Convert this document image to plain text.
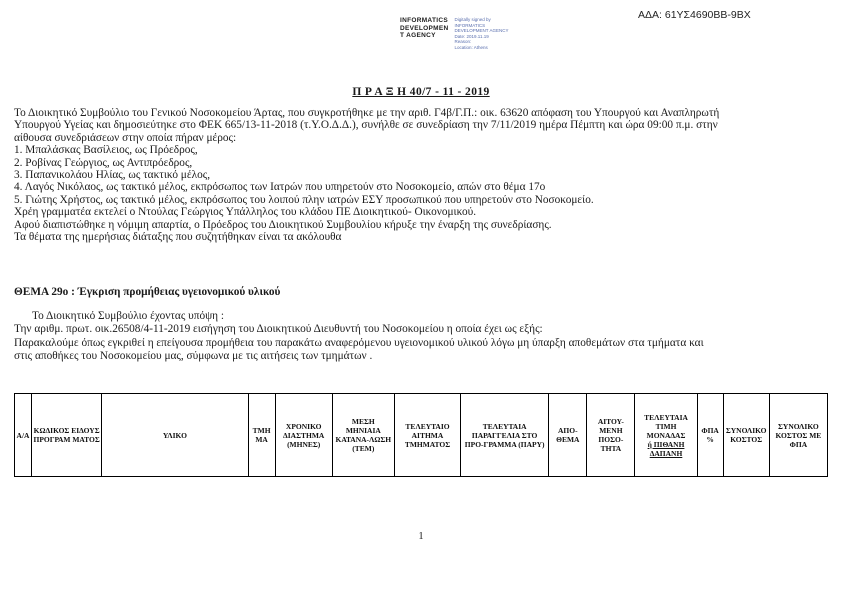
ΑΔΑ: 61ΥΣ4690ΒΒ-9ΒΧ
INFORMATICS
DEVELOPMEN
T AGENCY
Digitally signed by
INFORMATICS
DEVELOPMENT AGENCY
Date: 2019.11.19
Reason:
Location: Athens
Π Ρ Α Ξ Η 40/7 - 11 - 2019
Το Διοικητικό Συμβούλιο του Γενικού Νοσοκομείου Άρτας, που συγκροτήθηκε με την αριθ. Γ4β/Γ.Π.: οικ. 63620 απόφαση του Υπουργού και Αναπληρωτή
Υπουργού Υγείας και δημοσιεύτηκε στο ΦΕΚ 665/13-11-2018 (τ.Υ.Ο.Δ.Δ.), συνήλθε σε συνεδρίαση την 7/11/2019 ημέρα Πέμπτη και ώρα 09:00 π.μ. στην
αίθουσα συνεδριάσεων στην οποία πήραν μέρος:
1. Μπαλάσκας Βασίλειος, ως Πρόεδρος,
2. Ροβίνας Γεώργιος, ως Αντιπρόεδρος,
3. Παπανικολάου Ηλίας, ως τακτικό μέλος,
4. Λαγός Νικόλαος, ως τακτικό μέλος, εκπρόσωπος των Ιατρών που υπηρετούν στο Νοσοκομείο, απών στο θέμα 17ο
5. Γιώτης Χρήστος, ως τακτικό μέλος, εκπρόσωπος του λοιπού πλην ιατρών ΕΣΥ προσωπικού που υπηρετούν στο Νοσοκομείο.
Χρέη γραμματέα εκτελεί ο Ντούλας Γεώργιος Υπάλληλος του κλάδου ΠΕ Διοικητικού- Οικονομικού.
Αφού διαπιστώθηκε η νόμιμη απαρτία, ο Πρόεδρος του Διοικητικού Συμβουλίου κήρυξε την έναρξη της συνεδρίασης.
Τα θέματα της ημερήσιας διάταξης που συζητήθηκαν είναι τα ακόλουθα
ΘΕΜΑ 29ο : Έγκριση προμήθειας υγειονομικού υλικού
Το Διοικητικό Συμβούλιο έχοντας υπόψη :
Την αριθμ. πρωτ. οικ.26508/4-11-2019 εισήγηση του Διοικητικού Διευθυντή του Νοσοκομείου η οποία έχει ως εξής:
Παρακαλούμε όπως εγκριθεί η επείγουσα προμήθεια του παρακάτω αναφερόμενου υγειονομικού υλικού λόγω μη ύπαρξη αποθεμάτων στα τμήματα και
στις αποθήκες του Νοσοκομείου μας, σύμφωνα με τις αιτήσεις των τμημάτων .
Α/Α	ΚΩΔΙΚΟΣ ΕΙΔΟΥΣ ΠΡΟΓΡΑΜ ΜΑΤΟΣ	ΥΛΙΚΟ	ΤΜΗ ΜΑ	ΧΡΟΝΙΚΟ ΔΙΑΣΤΗΜΑ (ΜΗΝΕΣ)	ΜΕΣΗ ΜΗΝΙΑΙΑ ΚΑΤΑΝΑ-ΛΩΣΗ (ΤΕΜ)	ΤΕΛΕΥΤΑΙΟ ΑΙΤΗΜΑ ΤΜΗΜΑΤΟΣ	ΤΕΛΕΥΤΑΙΑ ΠΑΡΑΓΓΕΛΙΑ ΣΤΟ ΠΡΟ-ΓΡΑΜΜΑ (ΠΑΡΥ)	ΑΠΟ-ΘΕΜΑ	ΑΙΤΟΥ-ΜΕΝΗ ΠΟΣΟ-ΤΗΤΑ	ΤΕΛΕΥΤΑΙΑ ΤΙΜΗ ΜΟΝΑΔΑΣ
ή ΠΙΘΑΝΗ ΔΑΠΑΝΗ
	ΦΠΑ %	ΣΥΝΟΛΙΚΟ ΚΟΣΤΟΣ	ΣΥΝΟΛΙΚΟ ΚΟΣΤΟΣ ΜΕ ΦΠΑ
1
